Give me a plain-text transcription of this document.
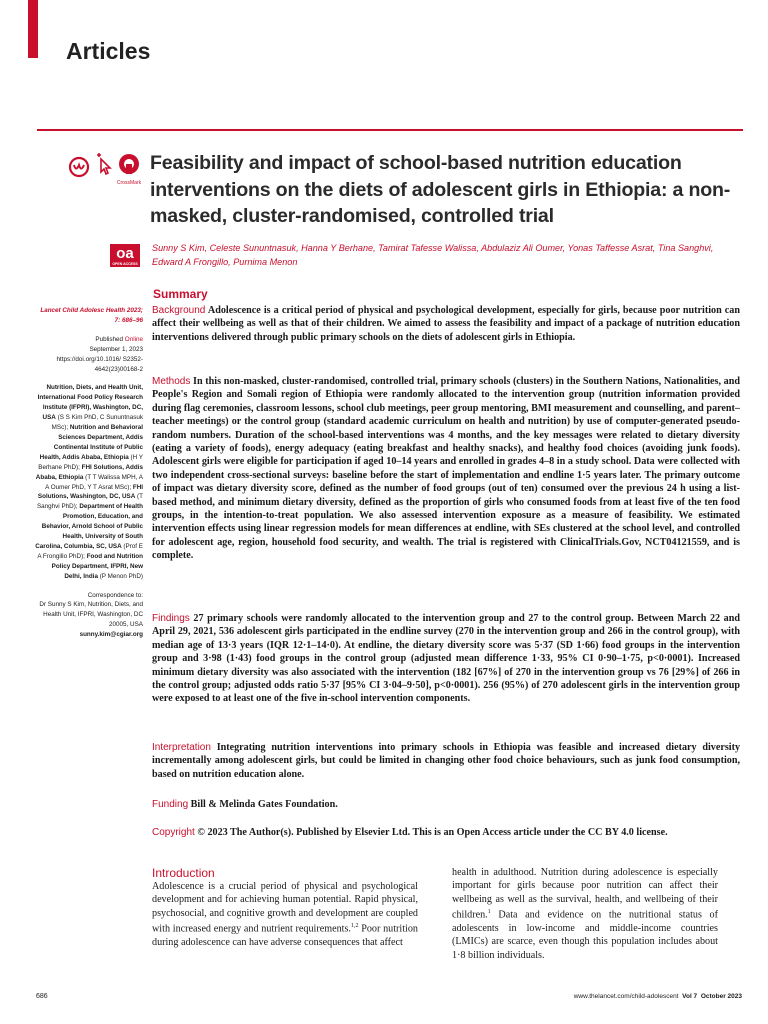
Articles
CrossMark
oa
OPEN ACCESS
Feasibility and impact of school-based nutrition education interventions on the diets of adolescent girls in Ethiopia: a non-masked, cluster-randomised, controlled trial
Sunny S Kim, Celeste Sununtnasuk, Hanna Y Berhane, Tamirat Tafesse Walissa, Abdulaziz Ali Oumer, Yonas Taffesse Asrat, Tina Sanghvi, Edward A Frongillo, Purnima Menon
Summary
Background Adolescence is a critical period of physical and psychological development, especially for girls, because poor nutrition can affect their wellbeing as well as that of their children. We aimed to assess the feasibility and impact of a package of nutrition education interventions delivered through public primary schools on the diets of adolescent girls in Ethiopia.
Methods In this non-masked, cluster-randomised, controlled trial, primary schools (clusters) in the Southern Nations, Nationalities, and People's Region and Somali region of Ethiopia were randomly allocated to the intervention group (nutrition information provided during flag ceremonies, classroom lessons, school club meetings, peer group mentoring, BMI measurement and counselling, and parent–teacher meetings) or the control group (standard academic curriculum on health and nutrition) by use of computer-generated pseudo-random numbers. Duration of the school-based interventions was 4 months, and the key messages were related to dietary diversity (eating a variety of foods), energy adequacy (eating breakfast and healthy snacks), and healthy food choices (avoiding junk foods). Adolescent girls were eligible for participation if aged 10–14 years and enrolled in grades 4–8 in a study school. Data were collected with two independent cross-sectional surveys: baseline before the start of implementation and endline 1·5 years later. The primary outcome of impact was dietary diversity score, defined as the number of food groups (out of ten) consumed over the previous 24 h using a list-based method, and minimum dietary diversity, defined as the proportion of girls who consumed foods from at least five of the ten food groups, in the intention-to-treat population. We also assessed intervention exposure as a measure of feasibility. We estimated intervention effects using linear regression models for mean differences at endline, with SEs clustered at the school level, and controlled for adolescent age, region, household food security, and wealth. The trial is registered with ClinicalTrials.Gov, NCT04121559, and is complete.
Findings 27 primary schools were randomly allocated to the intervention group and 27 to the control group. Between March 22 and April 29, 2021, 536 adolescent girls participated in the endline survey (270 in the intervention group and 266 in the control group), with median age of 13·3 years (IQR 12·1–14·0). At endline, the dietary diversity score was 5·37 (SD 1·66) food groups in the intervention group and 3·98 (1·43) food groups in the control group (adjusted mean difference 1·33, 95% CI 0·90–1·75, p<0·0001). Increased minimum dietary diversity was also associated with the intervention (182 [67%] of 270 in the intervention group vs 76 [29%] of 266 in the control group; adjusted odds ratio 5·37 [95% CI 3·04–9·50], p<0·0001). 256 (95%) of 270 adolescent girls in the intervention group were exposed to at least one of the five in-school intervention components.
Interpretation Integrating nutrition interventions into primary schools in Ethiopia was feasible and increased dietary diversity incrementally among adolescent girls, but could be limited in changing other food choice behaviours, such as junk food consumption, based on nutrition education alone.
Funding Bill & Melinda Gates Foundation.
Copyright © 2023 The Author(s). Published by Elsevier Ltd. This is an Open Access article under the CC BY 4.0 license.

Lancet Child Adolesc Health 2023; 7: 686–96

Published Online
September 1, 2023 https://doi.org/10.1016/ S2352-4642(23)00168-2

Nutrition, Diets, and Health Unit, International Food Policy Research Institute (IFPRI), Washington, DC, USA (S S Kim PhD, C Sununtnasuk MSc); Nutrition and Behavioral Sciences Department, Addis Continental Institute of Public Health, Addis Ababa, Ethiopia (H Y Berhane PhD); FHI Solutions, Addis Ababa, Ethiopia (T T Walissa MPH, A A Oumer PhD, Y T Asrat MSc); FHI Solutions, Washington, DC, USA (T Sanghvi PhD); Department of Health Promotion, Education, and Behavior, Arnold School of Public Health, University of South Carolina, Columbia, SC, USA (Prof E A Frongillo PhD); Food and Nutrition Policy Department, IFPRI, New Delhi, India (P Menon PhD)

Correspondence to:
Dr Sunny S Kim, Nutrition, Diets, and Health Unit, IFPRI, Washington, DC 20005, USA
sunny.kim@cgiar.org

Introduction
Adolescence is a crucial period of physical and psychological development and for achieving human potential. Rapid physical, psychosocial, and cognitive growth and development are coupled with increased energy and nutrient requirements.$^{1,2}$ Poor nutrition during adolescence can have adverse consequences that affect
health in adulthood. Nutrition during adolescence is especially important for girls because poor nutrition can affect their wellbeing as well as the survival, health, and wellbeing of their children.$^1$ Data and evidence on the nutritional status of adolescents in low-income and middle-income countries (LMICs) are scarce, even though this population includes about 1·8 billion individuals.
686	www.thelancet.com/child-adolescent Vol 7 October 2023
